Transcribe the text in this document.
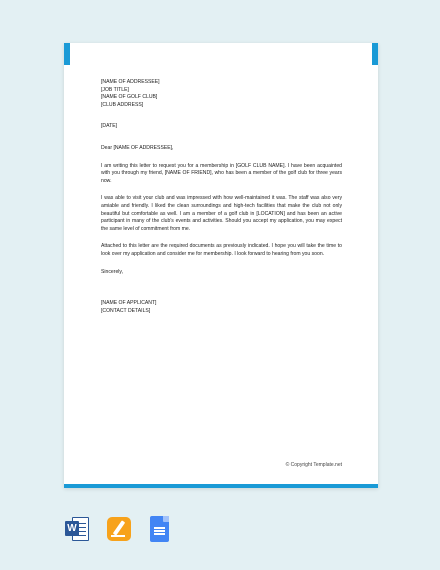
[NAME OF ADDRESSEE]
[JOB TITLE]
[NAME OF GOLF CLUB]
[CLUB ADDRESS]
[DATE]
Dear [NAME OF ADDRESSEE],
I am writing this letter to request you for a membership in [GOLF CLUB NAME]. I have been acquainted with you through my friend, [NAME OF FRIEND], who has been a member of the golf club for three years now.
I was able to visit your club and was impressed with how well-maintained it was. The staff was also very amiable and friendly. I liked the clean surroundings and high-tech facilities that make the club not only beautiful but comfortable as well. I am a member of a golf club in [LOCATION] and has been an active participant in many of the club's events and activities. Should you accept my application, you may expect the same level of commitment from me.
Attached to this letter are the required documents as previously indicated. I hope you will take the time to look over my application and consider me for membership. I look forward to hearing from you soon.
Sincerely,
[NAME OF APPLICANT]
[CONTACT DETAILS]
© Copyright Template.net
W
